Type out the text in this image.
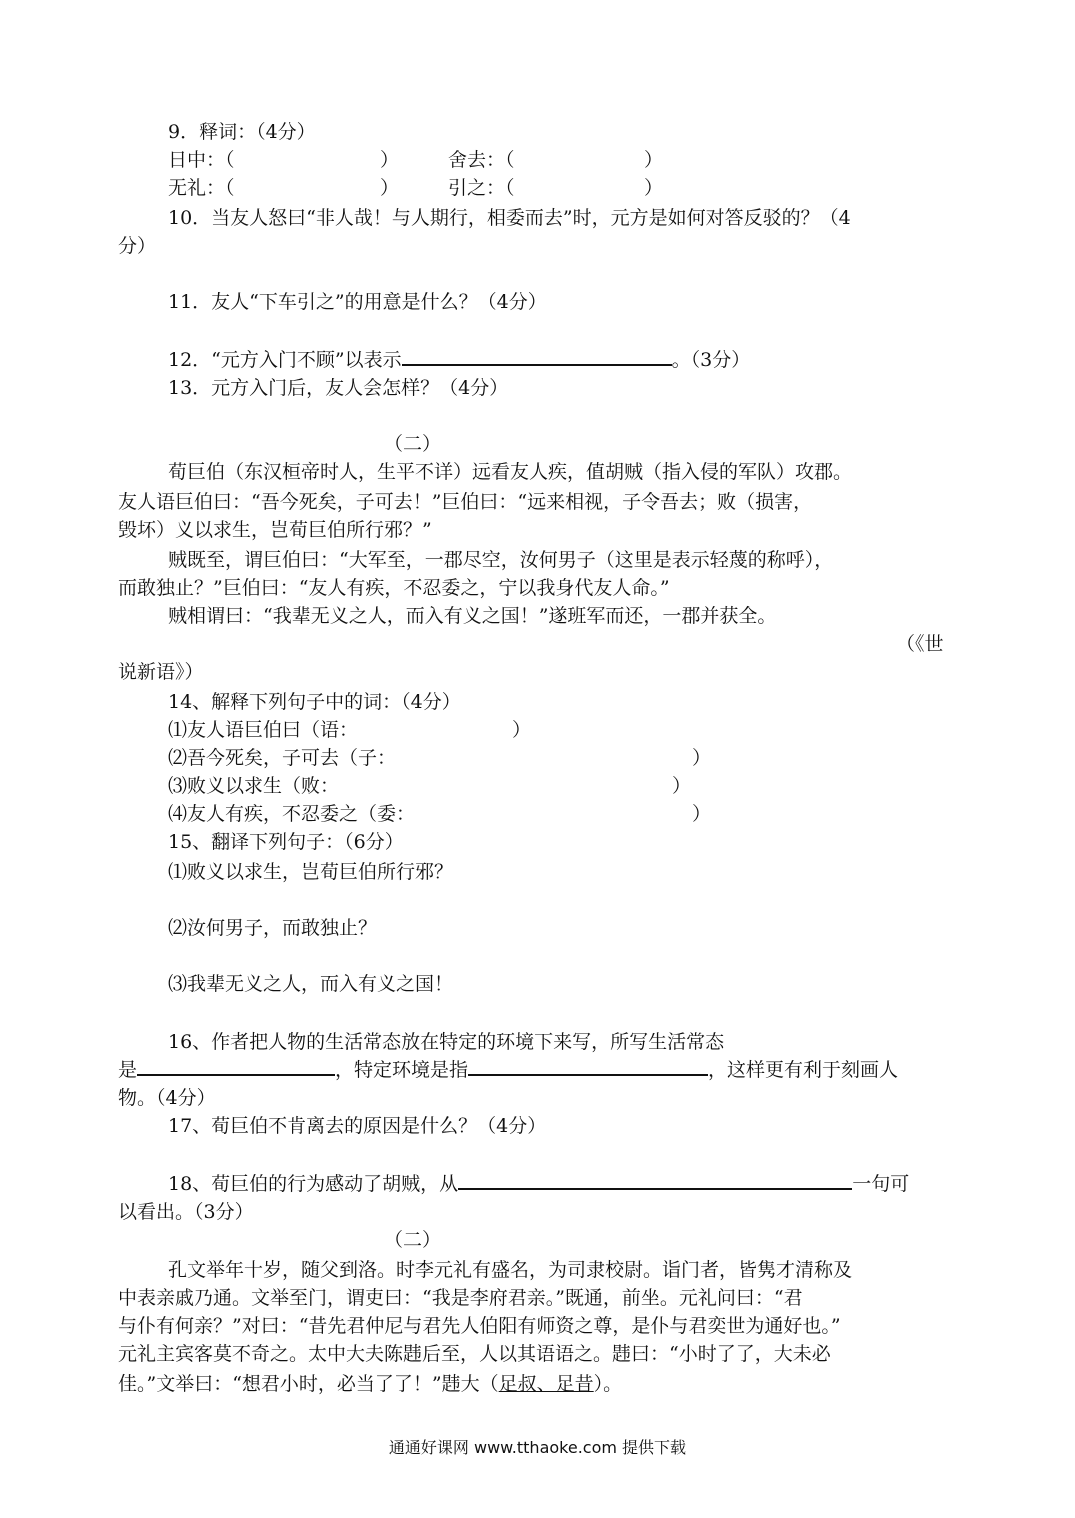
9．释词：（4分）
日中：（	）	舍去：（	）
无礼：（	）	引之：（	）
10．当友人怒曰“非人哉！与人期行，相委而去”时，元方是如何对答反驳的？（4
分）
11．友人“下车引之”的用意是什么？（4分）
12．“元方入门不顾”以表示	。（3分）
13．元方入门后，友人会怎样？（4分）
（二）
荀巨伯（东汉桓帝时人，生平不详）远看友人疾，值胡贼（指入侵的军队）攻郡。
友人语巨伯曰：“吾今死矣，子可去！”巨伯曰：“远来相视，子令吾去；败（损害，
毁坏）义以求生，岂荀巨伯所行邪？”
贼既至，谓巨伯曰：“大军至，一郡尽空，汝何男子（这里是表示轻蔑的称呼），
而敢独止？”巨伯曰：“友人有疾，不忍委之，宁以我身代友人命。”
贼相谓曰：“我辈无义之人，而入有义之国！”遂班军而还，一郡并获全。
（《世
说新语》）
14、解释下列句子中的词：（4分）
⑴友人语巨伯曰（语：	）
⑵吾今死矣，子可去（子：	）
⑶败义以求生（败：	）
⑷友人有疾，不忍委之（委：	）
15、翻译下列句子：（6分）
⑴败义以求生，岂荀巨伯所行邪？
⑵汝何男子，而敢独止？
⑶我辈无义之人，而入有义之国！
16、作者把人物的生活常态放在特定的环境下来写，所写生活常态
是	，特定环境是指	，这样更有利于刻画人
物。（4分）
17、荀巨伯不肯离去的原因是什么？（4分）
18、荀巨伯的行为感动了胡贼，从	一句可
以看出。（3分）
（二）
孔文举年十岁，随父到洛。时李元礼有盛名，为司隶校尉。诣门者，皆隽才清称及
中表亲戚乃通。文举至门，谓吏曰：“我是李府君亲。”既通，前坐。元礼问曰：“君
与仆有何亲？”对曰：“昔先君仲尼与君先人伯阳有师资之尊，是仆与君奕世为通好也。”
元礼主宾客莫不奇之。太中大夫陈韪后至，人以其语语之。韪曰：“小时了了，大未必
佳。”文举曰：“想君小时，必当了了！”韪大（足叔、足昔）。
通通好课网 www.tthaoke.com 提供下载
